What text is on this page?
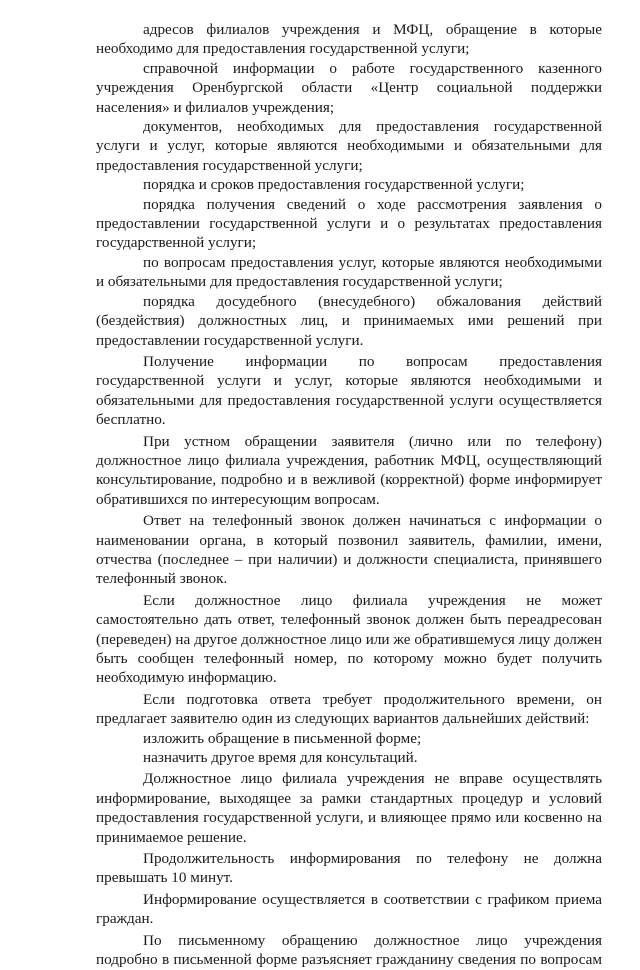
адресов филиалов учреждения и МФЦ, обращение в которые необходимо для предоставления государственной услуги;

справочной информации о работе государственного казенного учреждения Оренбургской области «Центр социальной поддержки населения» и филиалов учреждения;

документов, необходимых для предоставления государственной услуги и услуг, которые являются необходимыми и обязательными для предоставления государственной услуги;

порядка и сроков предоставления государственной услуги;

порядка получения сведений о ходе рассмотрения заявления о предоставлении государственной услуги и о результатах предоставления государственной услуги;

по вопросам предоставления услуг, которые являются необходимыми и обязательными для предоставления государственной услуги;

порядка досудебного (внесудебного) обжалования действий (бездействия) должностных лиц, и принимаемых ими решений при предоставлении государственной услуги.

Получение информации по вопросам предоставления государственной услуги и услуг, которые являются необходимыми и обязательными для предоставления государственной услуги осуществляется бесплатно.

При устном обращении заявителя (лично или по телефону) должностное лицо филиала учреждения, работник МФЦ, осуществляющий консультирование, подробно и в вежливой (корректной) форме информирует обратившихся по интересующим вопросам.

Ответ на телефонный звонок должен начинаться с информации о наименовании органа, в который позвонил заявитель, фамилии, имени, отчества (последнее – при наличии) и должности специалиста, принявшего телефонный звонок.

Если должностное лицо филиала учреждения не может самостоятельно дать ответ, телефонный звонок должен быть переадресован (переведен) на другое должностное лицо или же обратившемуся лицу должен быть сообщен телефонный номер, по которому можно будет получить необходимую информацию.

Если подготовка ответа требует продолжительного времени, он предлагает заявителю один из следующих вариантов дальнейших действий:

изложить обращение в письменной форме;

назначить другое время для консультаций.

Должностное лицо филиала учреждения не вправе осуществлять информирование, выходящее за рамки стандартных процедур и условий предоставления государственной услуги, и влияющее прямо или косвенно на принимаемое решение.

Продолжительность информирования по телефону не должна превышать 10 минут.

Информирование осуществляется в соответствии с графиком приема граждан.

По письменному обращению должностное лицо учреждения подробно в письменной форме разъясняет гражданину сведения по вопросам
